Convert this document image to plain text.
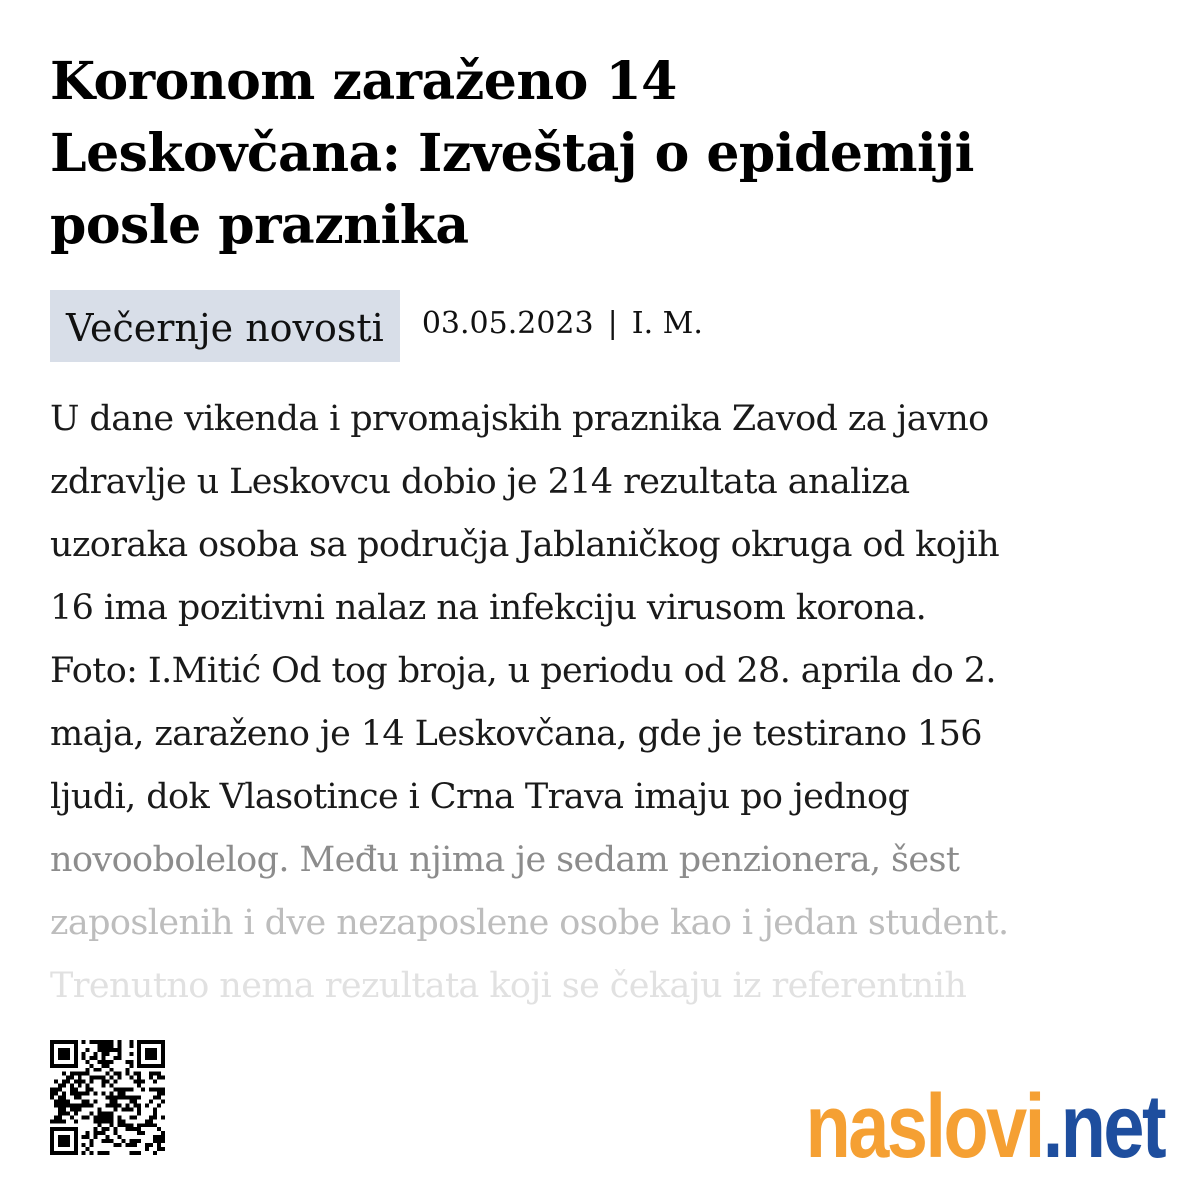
Koronom zaraženo 14
Leskovčana: Izveštaj o epidemiji
posle praznika
Večernje novosti	03.05.2023 | I. M.
U dane vikenda i prvomajskih praznika Zavod za javno
zdravlje u Leskovcu dobio je 214 rezultata analiza
uzoraka osoba sa područja Jablaničkog okruga od kojih
16 ima pozitivni nalaz na infekciju virusom korona.
Foto: I.Mitić Od tog broja, u periodu od 28. aprila do 2.
maja, zaraženo je 14 Leskovčana, gde je testirano 156
ljudi, dok Vlasotince i Crna Trava imaju po jednog
novoobolelog. Među njima je sedam penzionera, šest
zaposlenih i dve nezaposlene osobe kao i jedan student.
Trenutno nema rezultata koji se čekaju iz referentnih
naslovi .net
